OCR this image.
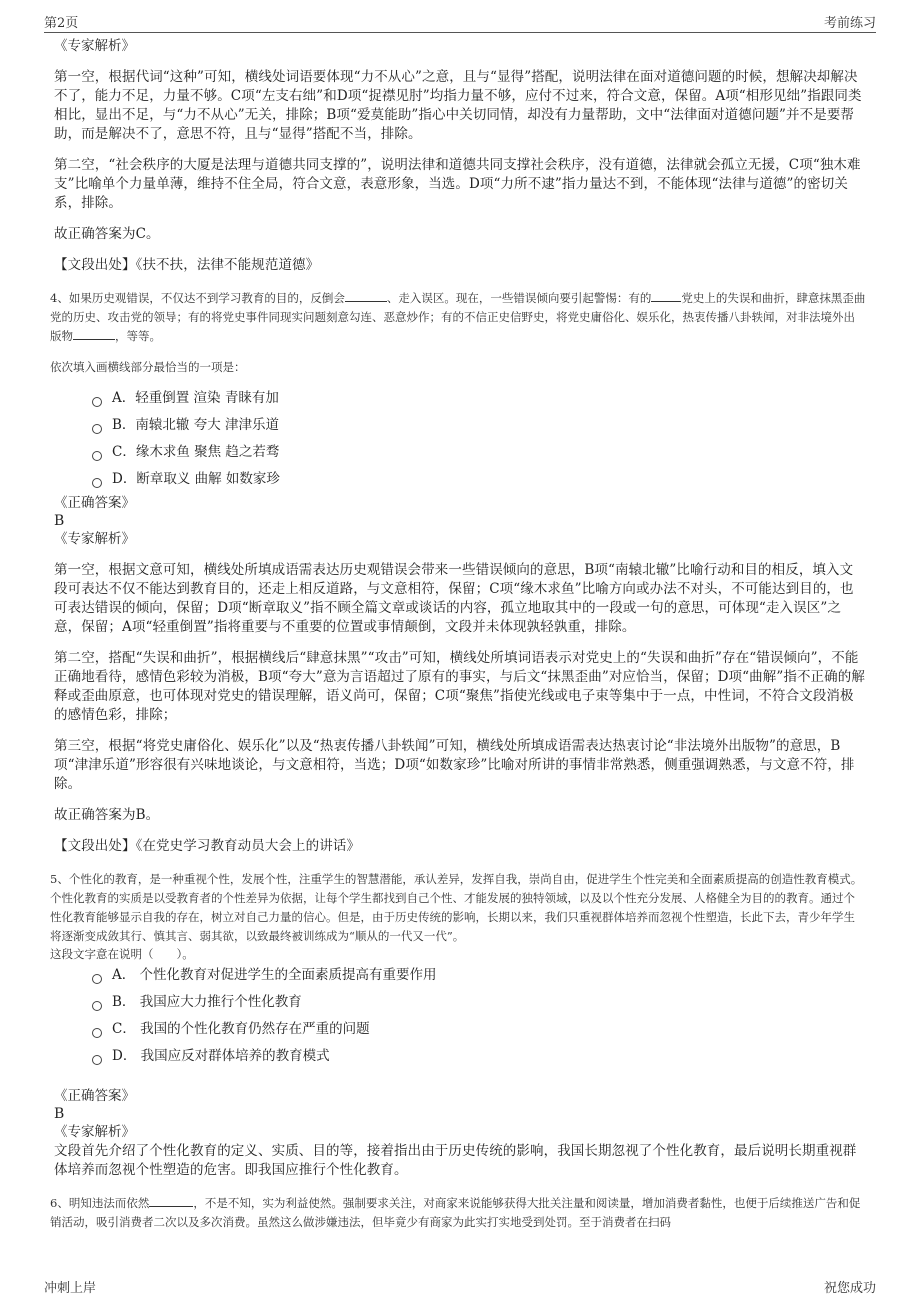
第2页	考前练习
《专家解析》
第一空，根据代词“这种”可知，横线处词语要体现“力不从心”之意，且与“显得”搭配，说明法律在面对道德问题的时候，想解决却解决不了，能力不足，力量不够。C项“左支右绌”和D项“捉襟见肘”均指力量不够，应付不过来，符合文意，保留。A项“相形见绌”指跟同类相比，显出不足，与“力不从心”无关，排除；B项“爱莫能助”指心中关切同情，却没有力量帮助，文中“法律面对道德问题”并不是要帮助，而是解决不了，意思不符，且与“显得”搭配不当，排除。
第二空，“社会秩序的大厦是法理与道德共同支撑的”，说明法律和道德共同支撑社会秩序，没有道德，法律就会孤立无援，C项“独木难支”比喻单个力量单薄，维持不住全局，符合文意，表意形象，当选。D项“力所不逮”指力量达不到，不能体现“法律与道德”的密切关系，排除。
故正确答案为C。
【文段出处】《扶不扶，法律不能规范道德》
4、如果历史观错误，不仅达不到学习教育的目的，反倒会	、走入误区。现在，一些错误倾向要引起警惕：有的	党史上的失误和曲折，肆意抹黑歪曲党的历史、攻击党的领导；有的将党史事件同现实问题刻意勾连、恶意炒作；有的不信正史信野史，将党史庸俗化、娱乐化，热衷传播八卦轶闻，对非法境外出版物	，等等。
依次填入画横线部分最恰当的一项是：
A．轻重倒置 渲染 青睐有加
B．南辕北辙 夸大 津津乐道
C．缘木求鱼 聚焦 趋之若骛
D．断章取义 曲解 如数家珍
《正确答案》
B
《专家解析》
第一空，根据文意可知，横线处所填成语需表达历史观错误会带来一些错误倾向的意思，B项“南辕北辙”比喻行动和目的相反，填入文段可表达不仅不能达到教育目的，还走上相反道路，与文意相符，保留；C项“缘木求鱼”比喻方向或办法不对头，不可能达到目的，也可表达错误的倾向，保留；D项“断章取义”指不顾全篇文章或谈话的内容，孤立地取其中的一段或一句的意思，可体现“走入误区”之意，保留；A项“轻重倒置”指将重要与不重要的位置或事情颠倒，文段并未体现孰轻孰重，排除。
第二空，搭配“失误和曲折”，根据横线后“肆意抹黑”“攻击”可知，横线处所填词语表示对党史上的“失误和曲折”存在“错误倾向”，不能正确地看待，感情色彩较为消极，B项“夸大”意为言语超过了原有的事实，与后文“抹黑歪曲”对应恰当，保留；D项“曲解”指不正确的解释或歪曲原意，也可体现对党史的错误理解，语义尚可，保留；C项“聚焦”指使光线或电子束等集中于一点，中性词，不符合文段消极的感情色彩，排除；
第三空，根据“将党史庸俗化、娱乐化”以及“热衷传播八卦轶闻”可知，横线处所填成语需表达热衷讨论“非法境外出版物”的意思，B项“津津乐道”形容很有兴味地谈论，与文意相符，当选；D项“如数家珍”比喻对所讲的事情非常熟悉，侧重强调熟悉，与文意不符，排除。
故正确答案为B。
【文段出处】《在党史学习教育动员大会上的讲话》
5、个性化的教育，是一种重视个性，发展个性，注重学生的智慧潜能，承认差异，发挥自我，崇尚自由，促进学生个性完美和全面素质提高的创造性教育模式。个性化教育的实质是以受教育者的个性差异为依据，让每个学生都找到自己个性、才能发展的独特领域，以及以个性充分发展、人格健全为目的的教育。通过个性化教育能够显示自我的存在，树立对自己力量的信心。但是，由于历史传统的影响，长期以来，我们只重视群体培养而忽视个性塑造，长此下去，青少年学生将逐渐变成敛其行、慎其言、弱其欲，以致最终被训练成为“顺从的一代又一代”。
这段文字意在说明（　　）。
A． 个性化教育对促进学生的全面素质提高有重要作用
B． 我国应大力推行个性化教育
C． 我国的个性化教育仍然存在严重的问题
D． 我国应反对群体培养的教育模式
《正确答案》
B
《专家解析》
文段首先介绍了个性化教育的定义、实质、目的等，接着指出由于历史传统的影响，我国长期忽视了个性化教育，最后说明长期重视群体培养而忽视个性塑造的危害。即我国应推行个性化教育。
6、明知违法而依然	，不是不知，实为利益使然。强制要求关注，对商家来说能够获得大批关注量和阅读量，增加消费者黏性，也便于后续推送广告和促销活动，吸引消费者二次以及多次消费。虽然这么做涉嫌违法，但毕竟少有商家为此实打实地受到处罚。至于消费者在扫码
冲刺上岸	祝您成功
